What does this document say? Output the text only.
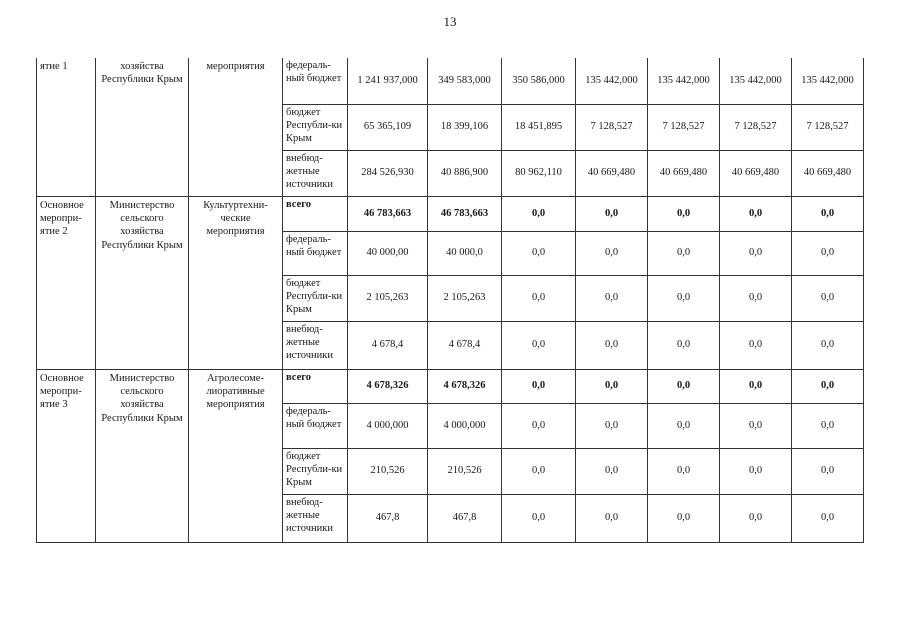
13
ятие 1	хозяйства Республики Крым	мероприятия	федераль-ный бюджет	1 241 937,000	349 583,000	350 586,000	135 442,000	135 442,000	135 442,000	135 442,000
			бюджет Республи-ки Крым	65 365,109	18 399,106	18 451,895	7 128,527	7 128,527	7 128,527	7 128,527
			внебюд-жетные источники	284 526,930	40 886,900	80 962,110	40 669,480	40 669,480	40 669,480	40 669,480
Основное меропри-ятие 2	Министерство сельского хозяйства Республики Крым	Культуртехни-ческие мероприятия	всего	46 783,663	46 783,663	0,0	0,0	0,0	0,0	0,0
			федераль-ный бюджет	40 000,00	40 000,0	0,0	0,0	0,0	0,0	0,0
			бюджет Республи-ки Крым	2 105,263	2 105,263	0,0	0,0	0,0	0,0	0,0
			внебюд-жетные источники	4 678,4	4 678,4	0,0	0,0	0,0	0,0	0,0
Основное меропри-ятие 3	Министерство сельского хозяйства Республики Крым	Агролесоме-лиоративные мероприятия	всего	4 678,326	4 678,326	0,0	0,0	0,0	0,0	0,0
			федераль-ный бюджет	4 000,000	4 000,000	0,0	0,0	0,0	0,0	0,0
			бюджет Республи-ки Крым	210,526	210,526	0,0	0,0	0,0	0,0	0,0
			внебюд-жетные источники	467,8	467,8	0,0	0,0	0,0	0,0	0,0
